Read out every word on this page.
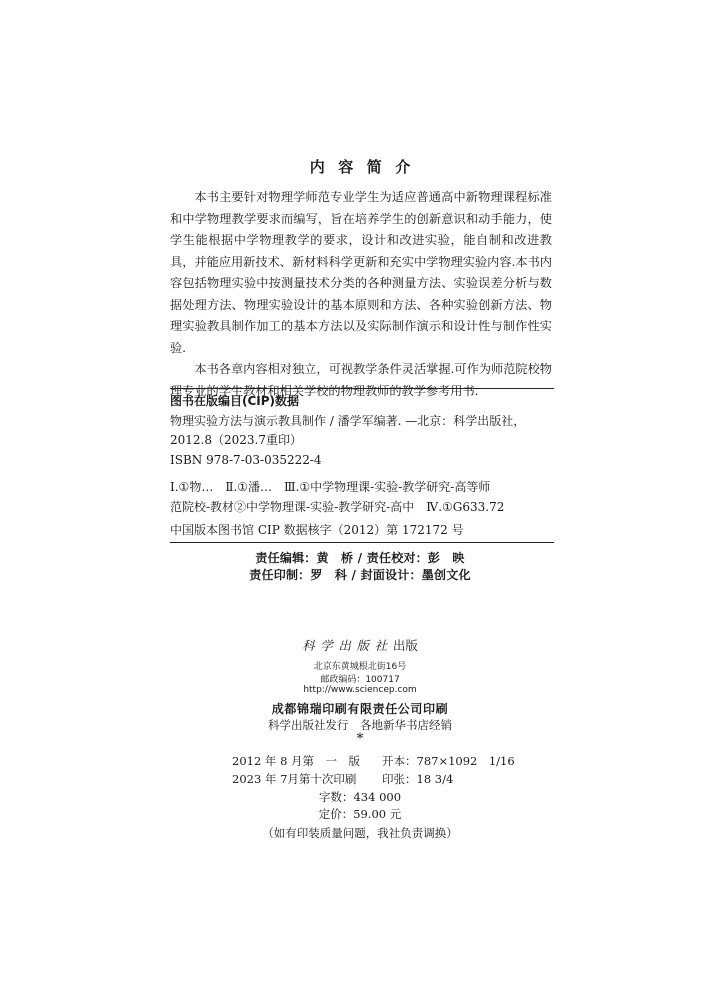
内容简介

本书主要针对物理学师范专业学生为适应普通高中新物理课程标准和中学物理教学要求而编写，旨在培养学生的创新意识和动手能力，使学生能根据中学物理教学的要求，设计和改进实验，能自制和改进教具，并能应用新技术、新材料科学更新和充实中学物理实验内容.本书内容包括物理实验中按测量技术分类的各种测量方法、实验误差分析与数据处理方法、物理实验设计的基本原则和方法、各种实验创新方法、物理实验教具制作加工的基本方法以及实际制作演示和设计性与制作性实验.

本书各章内容相对独立，可视教学条件灵活掌握.可作为师范院校物理专业的学生教材和相关学校的物理教师的教学参考用书.

图书在版编目(CIP)数据
物理实验方法与演示教具制作 / 潘学军编著. —北京：科学出版社，
2012.8（2023.7重印）
ISBN 978-7-03-035222-4
Ⅰ.①物…　Ⅱ.①潘…　Ⅲ.①中学物理课-实验-教学研究-高等师
范院校-教材②中学物理课-实验-教学研究-高中　Ⅳ.①G633.72
中国版本图书馆 CIP 数据核字（2012）第 172172 号
责任编辑：黄　桥 / 责任校对：彭　映
责任印制：罗　科 / 封面设计：墨创文化
科学出版社出版
北京东黄城根北街16号
邮政编码：100717
http://www.sciencep.com
成都锦瑞印刷有限责任公司印刷
科学出版社发行　各地新华书店经销
*
2012 年 8 月第　一　版 开本：787×1092　1/16
2023 年 7月第十次印刷 印张：18 3/4
字数：434 000
定价：59.00 元
（如有印装质量问题，我社负责调换）
